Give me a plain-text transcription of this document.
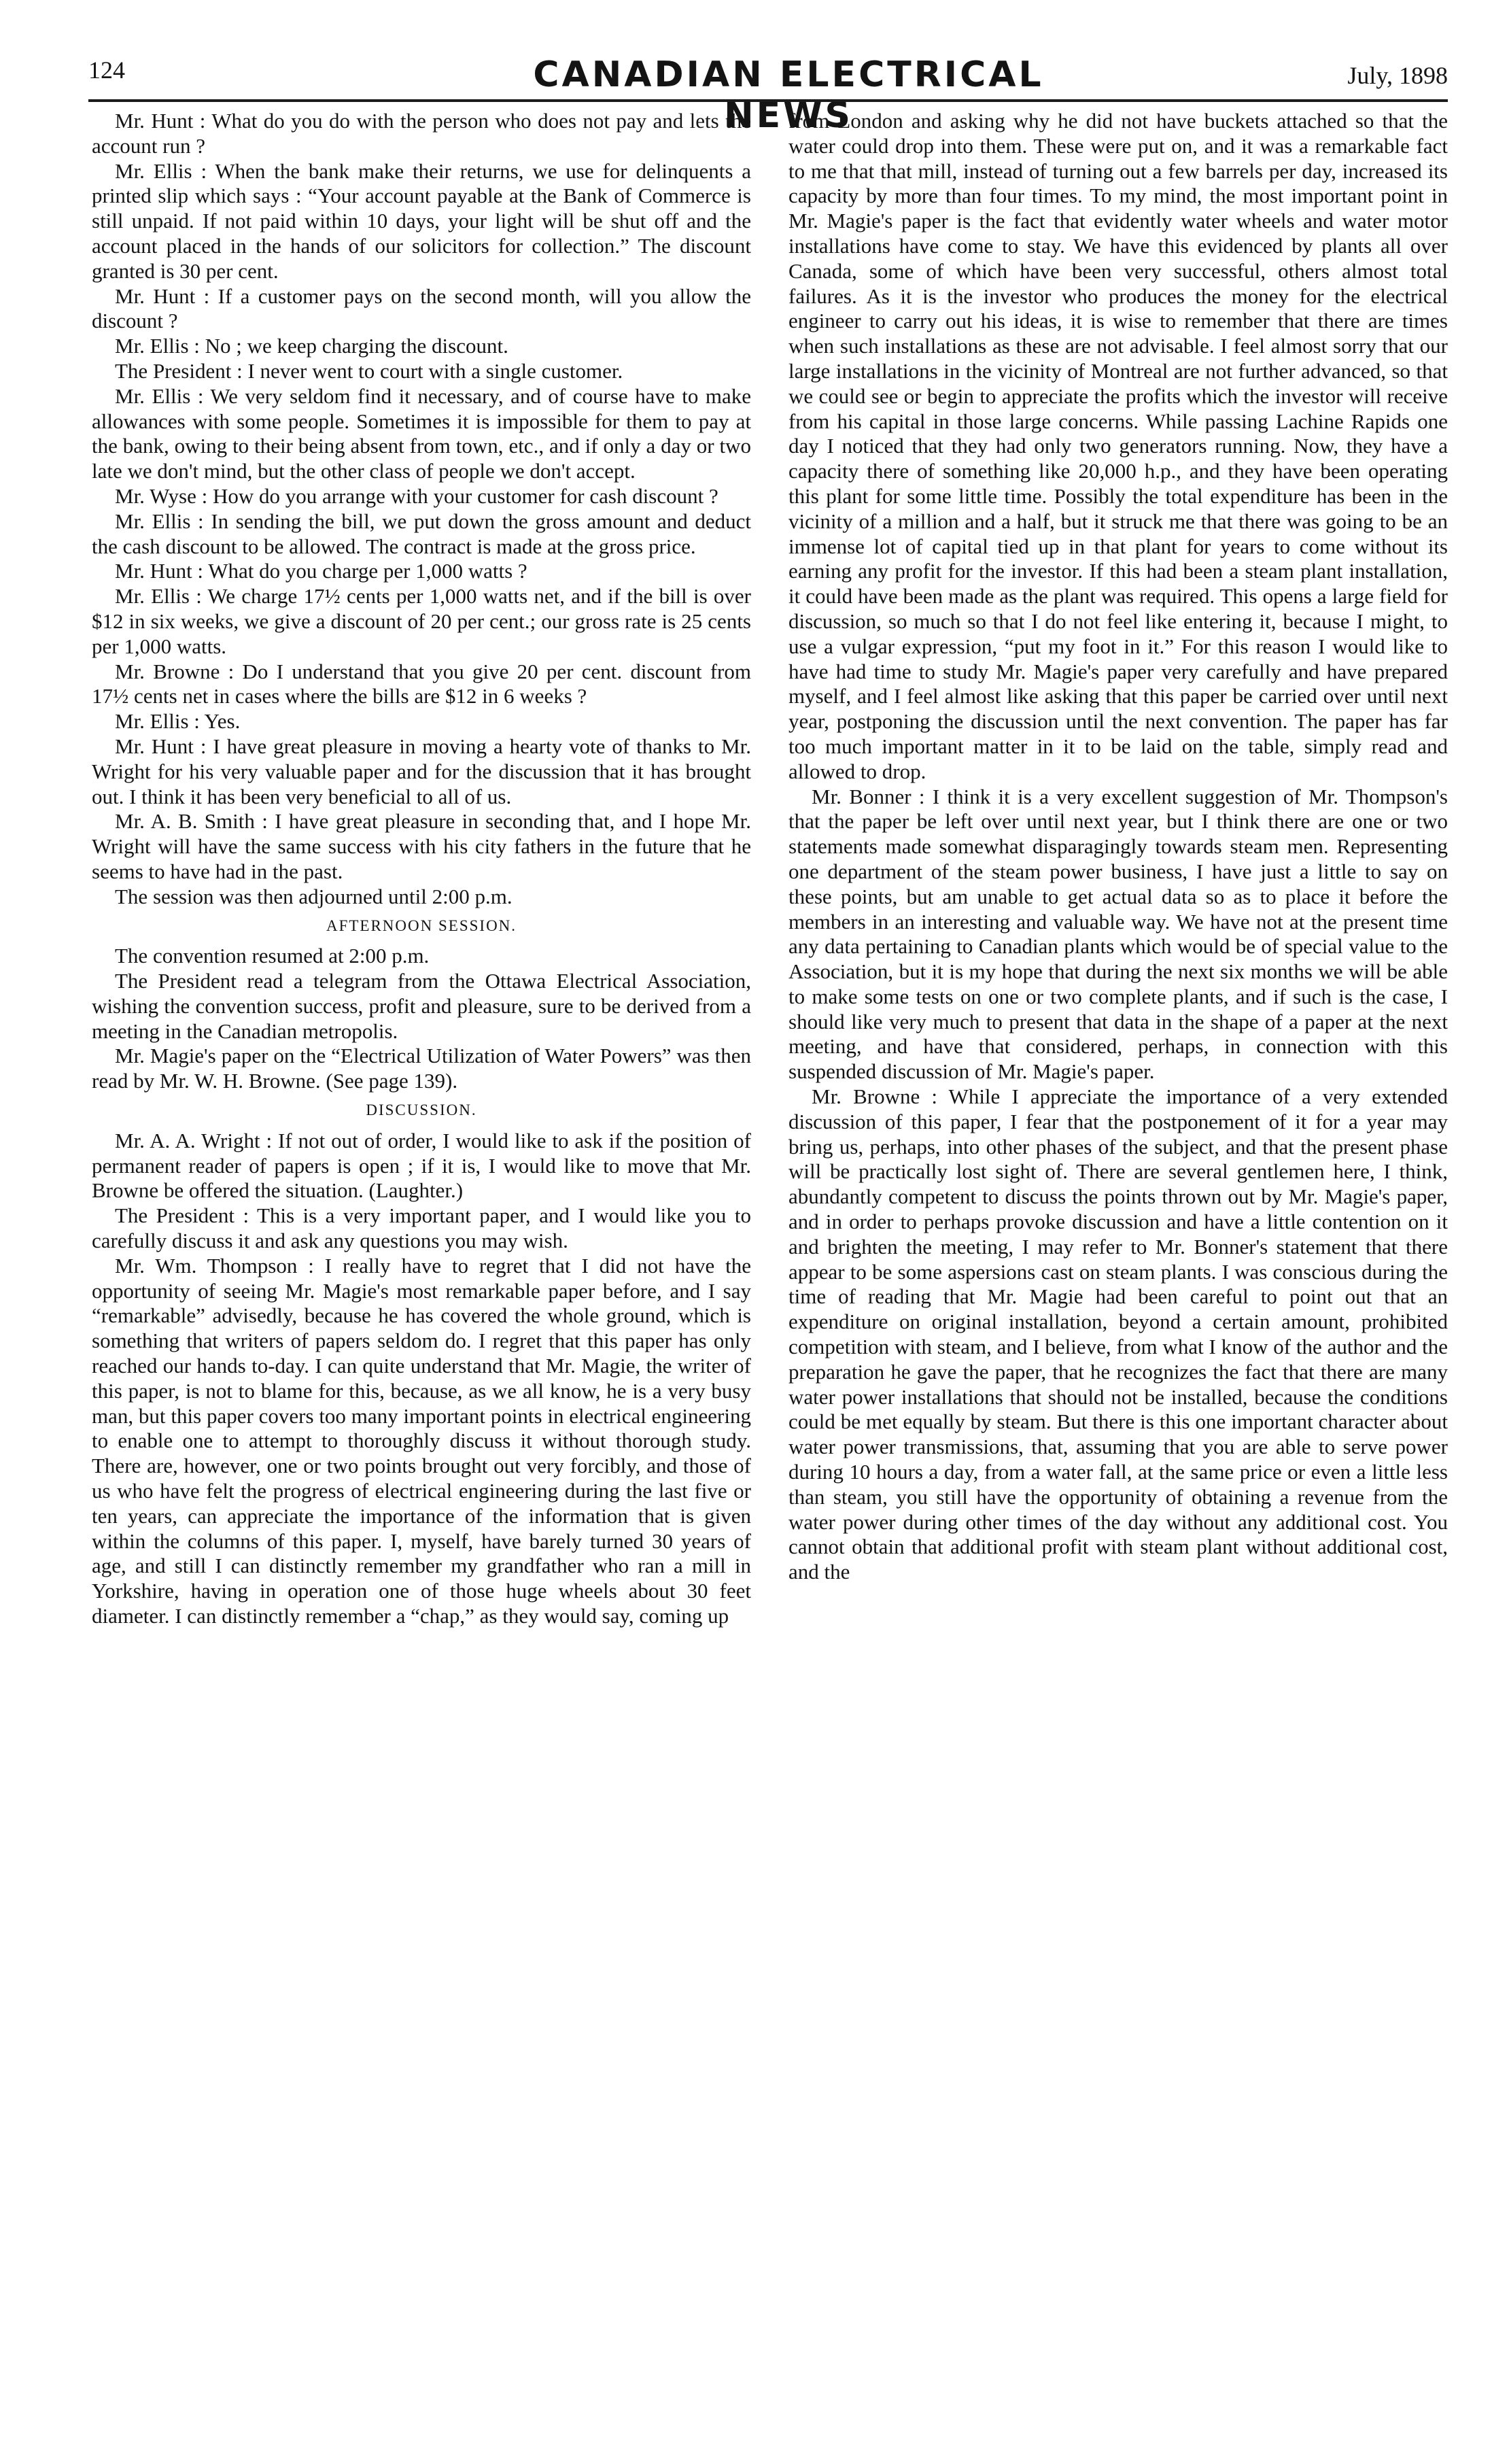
124	CANADIAN ELECTRICAL NEWS
July, 1898

Mr. Hunt : What do you do with the person who does not pay and lets the account run ?

Mr. Ellis : When the bank make their returns, we use for delinquents a printed slip which says : “Your account payable at the Bank of Commerce is still unpaid. If not paid within 10 days, your light will be shut off and the account placed in the hands of our solicitors for collection.” The discount granted is 30 per cent.

Mr. Hunt : If a customer pays on the second month, will you allow the discount ?

Mr. Ellis : No ; we keep charging the discount.

The President : I never went to court with a single customer.

Mr. Ellis : We very seldom find it necessary, and of course have to make allowances with some people. Sometimes it is impossible for them to pay at the bank, owing to their being absent from town, etc., and if only a day or two late we don't mind, but the other class of people we don't accept.

Mr. Wyse : How do you arrange with your customer for cash discount ?

Mr. Ellis : In sending the bill, we put down the gross amount and deduct the cash discount to be allowed. The contract is made at the gross price.

Mr. Hunt : What do you charge per 1,000 watts ?

Mr. Ellis : We charge 17½ cents per 1,000 watts net, and if the bill is over $12 in six weeks, we give a discount of 20 per cent.; our gross rate is 25 cents per 1,000 watts.

Mr. Browne : Do I understand that you give 20 per cent. discount from 17½ cents net in cases where the bills are $12 in 6 weeks ?

Mr. Ellis : Yes.

Mr. Hunt : I have great pleasure in moving a hearty vote of thanks to Mr. Wright for his very valuable paper and for the discussion that it has brought out. I think it has been very beneficial to all of us.

Mr. A. B. Smith : I have great pleasure in seconding that, and I hope Mr. Wright will have the same success with his city fathers in the future that he seems to have had in the past.

The session was then adjourned until 2:00 p.m.

AFTERNOON SESSION.

The convention resumed at 2:00 p.m.

The President read a telegram from the Ottawa Electrical Association, wishing the convention success, profit and pleasure, sure to be derived from a meeting in the Canadian metropolis.

Mr. Magie's paper on the “Electrical Utilization of Water Powers” was then read by Mr. W. H. Browne. (See page 139).

DISCUSSION.

Mr. A. A. Wright : If not out of order, I would like to ask if the position of permanent reader of papers is open ; if it is, I would like to move that Mr. Browne be offered the situation. (Laughter.)

The President : This is a very important paper, and I would like you to carefully discuss it and ask any questions you may wish.

Mr. Wm. Thompson : I really have to regret that I did not have the opportunity of seeing Mr. Magie's most remarkable paper before, and I say “remarkable” advisedly, because he has covered the whole ground, which is something that writers of papers seldom do. I regret that this paper has only reached our hands to-day. I can quite understand that Mr. Magie, the writer of this paper, is not to blame for this, because, as we all know, he is a very busy man, but this paper covers too many important points in electrical engineering to enable one to attempt to thoroughly discuss it without thorough study. There are, however, one or two points brought out very forcibly, and those of us who have felt the progress of electrical engineering during the last five or ten years, can appreciate the importance of the information that is given within the columns of this paper. I, myself, have barely turned 30 years of age, and still I can distinctly remember my grandfather who ran a mill in Yorkshire, having in operation one of those huge wheels about 30 feet diameter. I can distinctly remember a “chap,” as they would say, coming up

from London and asking why he did not have buckets attached so that the water could drop into them. These were put on, and it was a remarkable fact to me that that mill, instead of turning out a few barrels per day, increased its capacity by more than four times. To my mind, the most important point in Mr. Magie's paper is the fact that evidently water wheels and water motor installations have come to stay. We have this evidenced by plants all over Canada, some of which have been very successful, others almost total failures. As it is the investor who produces the money for the electrical engineer to carry out his ideas, it is wise to remember that there are times when such installations as these are not advisable. I feel almost sorry that our large installations in the vicinity of Montreal are not further advanced, so that we could see or begin to appreciate the profits which the investor will receive from his capital in those large concerns. While passing Lachine Rapids one day I noticed that they had only two generators running. Now, they have a capacity there of something like 20,000 h.p., and they have been operating this plant for some little time. Possibly the total expenditure has been in the vicinity of a million and a half, but it struck me that there was going to be an immense lot of capital tied up in that plant for years to come without its earning any profit for the investor. If this had been a steam plant installation, it could have been made as the plant was required. This opens a large field for discussion, so much so that I do not feel like entering it, because I might, to use a vulgar expression, “put my foot in it.” For this reason I would like to have had time to study Mr. Magie's paper very carefully and have prepared myself, and I feel almost like asking that this paper be carried over until next year, postponing the discussion until the next convention. The paper has far too much important matter in it to be laid on the table, simply read and allowed to drop.

Mr. Bonner : I think it is a very excellent suggestion of Mr. Thompson's that the paper be left over until next year, but I think there are one or two statements made somewhat disparagingly towards steam men. Representing one department of the steam power business, I have just a little to say on these points, but am unable to get actual data so as to place it before the members in an interesting and valuable way. We have not at the present time any data pertaining to Canadian plants which would be of special value to the Association, but it is my hope that during the next six months we will be able to make some tests on one or two complete plants, and if such is the case, I should like very much to present that data in the shape of a paper at the next meeting, and have that considered, perhaps, in connection with this suspended discussion of Mr. Magie's paper.

Mr. Browne : While I appreciate the importance of a very extended discussion of this paper, I fear that the postponement of it for a year may bring us, perhaps, into other phases of the subject, and that the present phase will be practically lost sight of. There are several gentlemen here, I think, abundantly competent to discuss the points thrown out by Mr. Magie's paper, and in order to perhaps provoke discussion and have a little contention on it and brighten the meeting, I may refer to Mr. Bonner's statement that there appear to be some aspersions cast on steam plants. I was conscious during the time of reading that Mr. Magie had been careful to point out that an expenditure on original installation, beyond a certain amount, prohibited competition with steam, and I believe, from what I know of the author and the preparation he gave the paper, that he recognizes the fact that there are many water power installations that should not be installed, because the conditions could be met equally by steam. But there is this one important character about water power transmissions, that, assuming that you are able to serve power during 10 hours a day, from a water fall, at the same price or even a little less than steam, you still have the opportunity of obtaining a revenue from the water power during other times of the day without any additional cost. You cannot obtain that additional profit with steam plant without additional cost, and the
